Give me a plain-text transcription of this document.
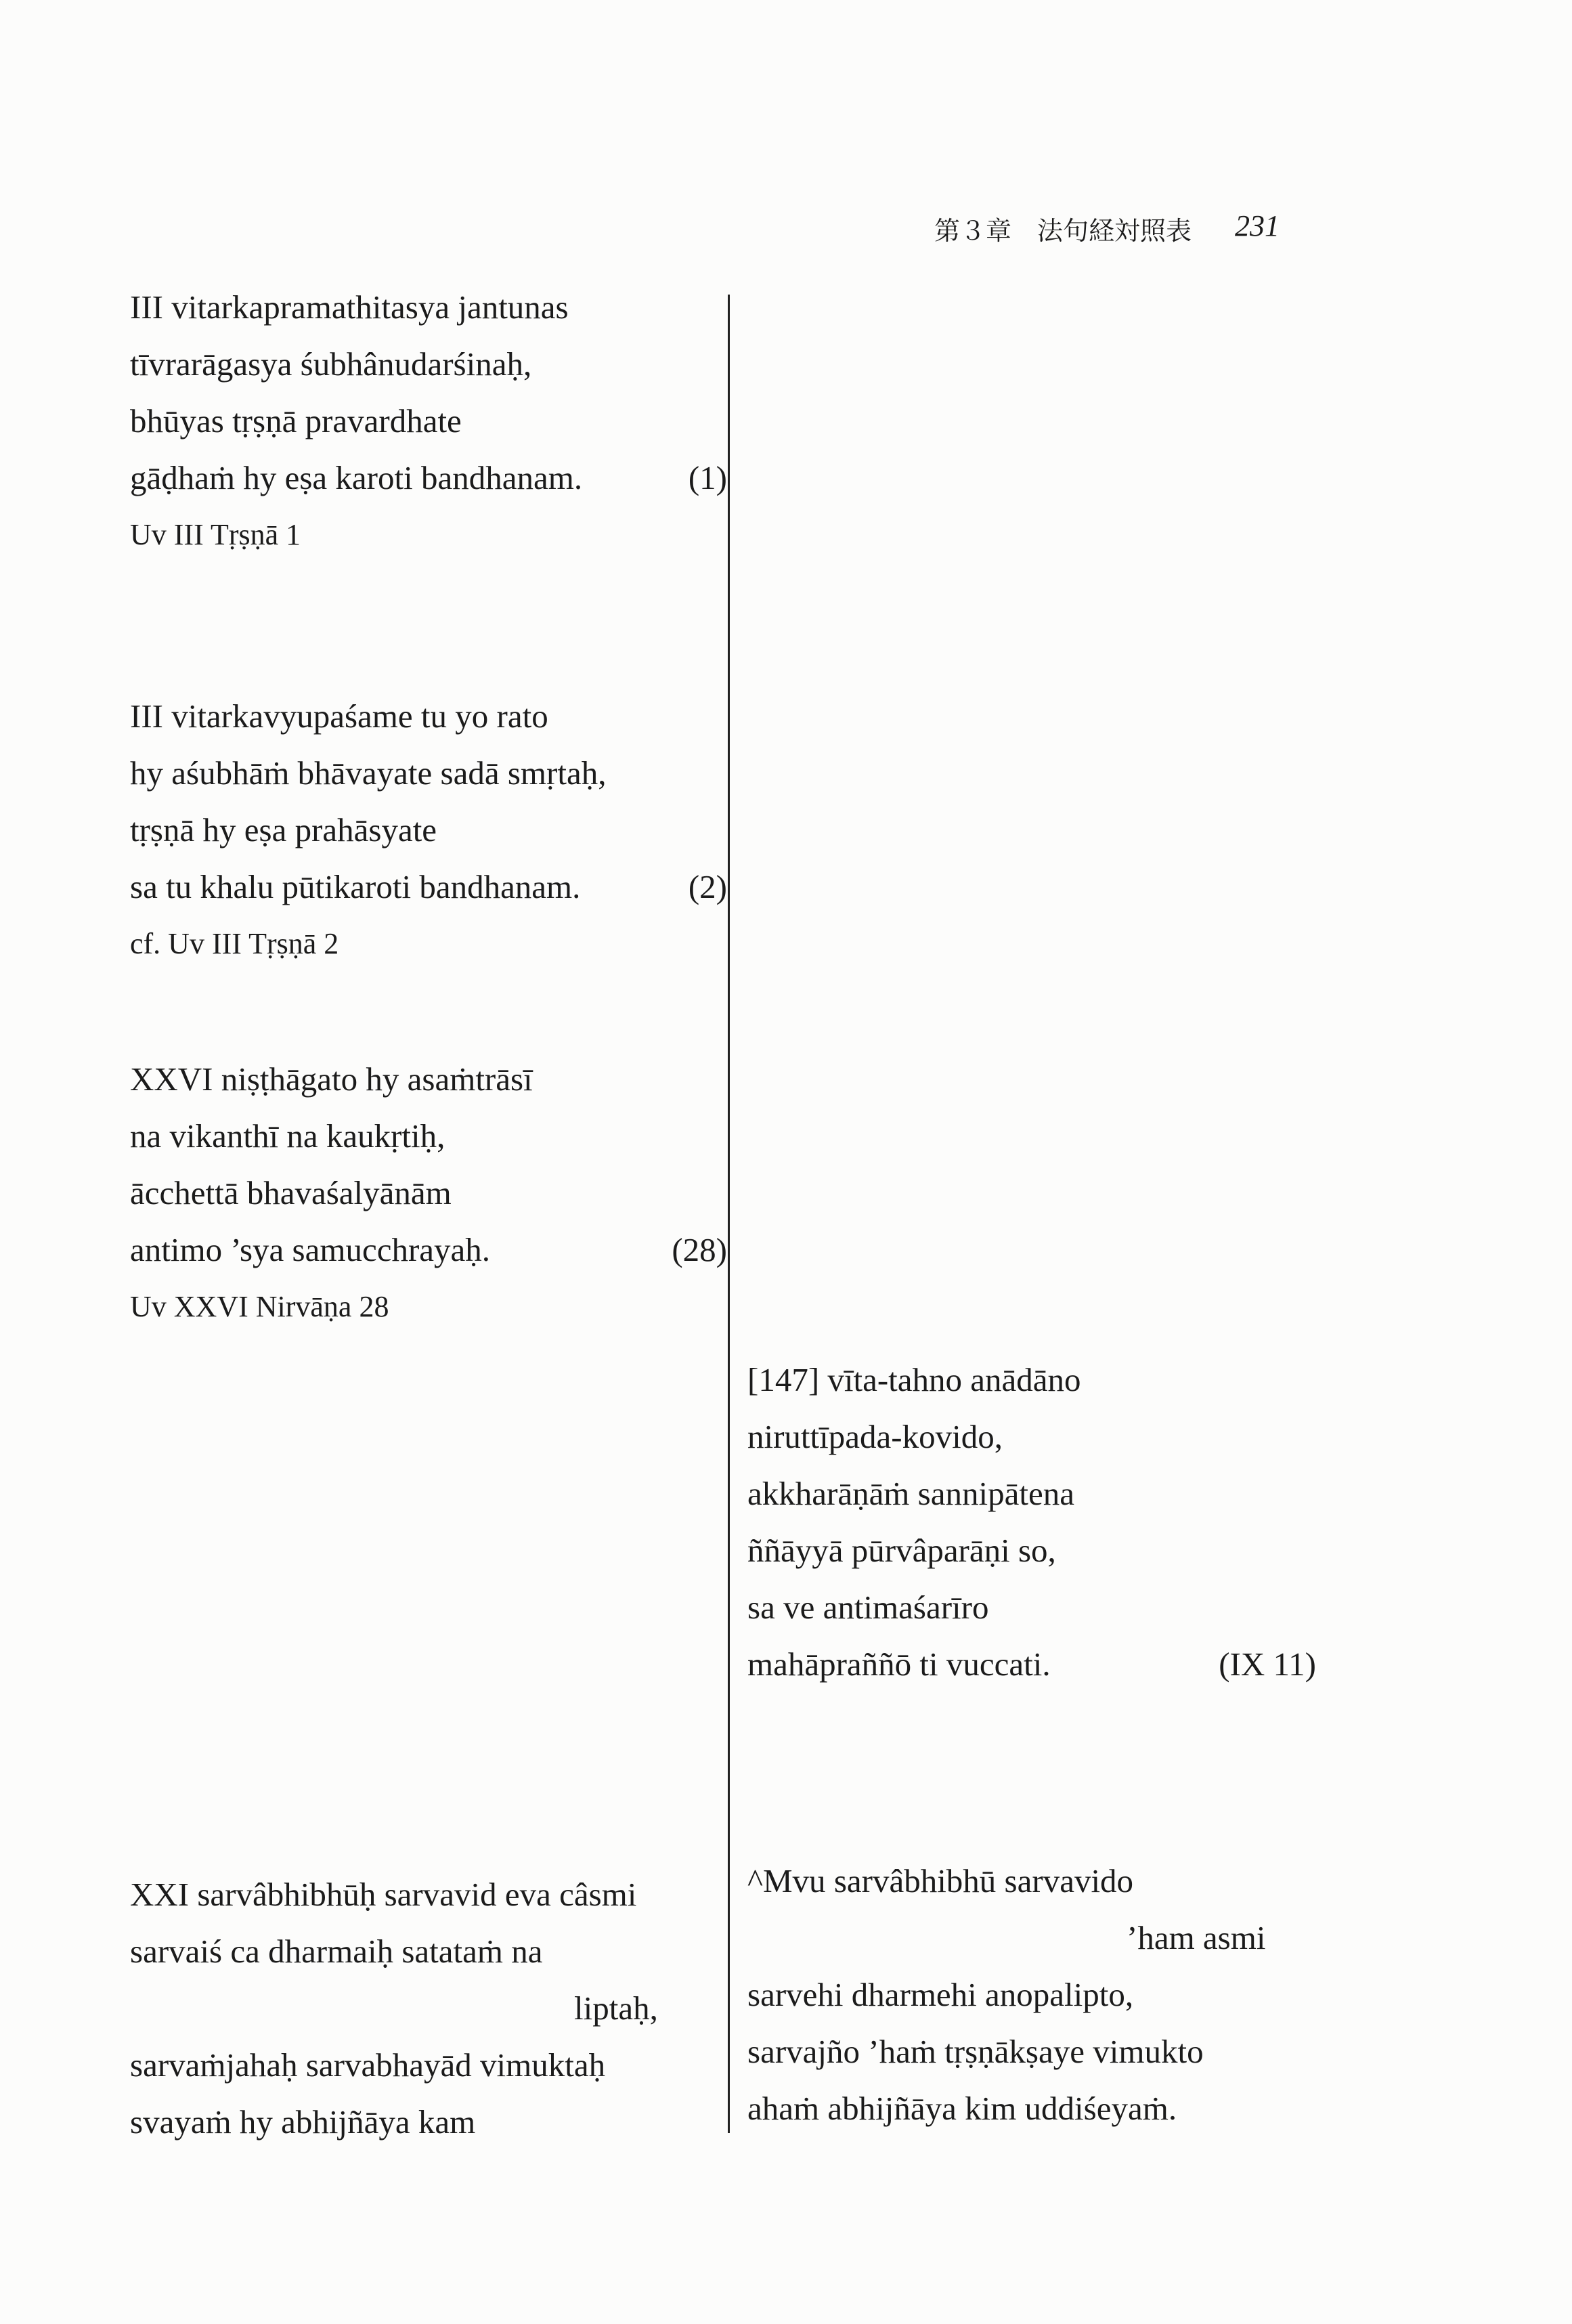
第３章　法句経対照表 231
III vitarkapramathitasya jantunas
tīvrarāgasya śubhânudarśinaḥ,
bhūyas tṛṣṇā pravardhate
gāḍhaṁ hy eṣa karoti bandhanam.	(1)
Uv III Tṛṣṇā 1
III vitarkavyupaśame tu yo rato
hy aśubhāṁ bhāvayate sadā smṛtaḥ,
tṛṣṇā hy eṣa prahāsyate
sa tu khalu pūtikaroti bandhanam.	(2)
cf. Uv III Tṛṣṇā 2
XXVI niṣṭhāgato hy asaṁtrāsī
na vikanthī na kaukṛtiḥ,
ācchettā bhavaśalyānām
antimo ’sya samucchrayaḥ.	(28)
Uv XXVI Nirvāṇa 28
XXI sarvâbhibhūḥ sarvavid eva câsmi
sarvaiś ca dharmaiḥ satataṁ na
liptaḥ,
sarvaṁjahaḥ sarvabhayād vimuktaḥ
svayaṁ hy abhijñāya kam
[147] vīta-tahno anādāno
niruttīpada-kovido,
akkharāṇāṁ sannipātena
ññāyyā pūrvâparāṇi so,
sa ve antimaśarīro
mahāpraññō ti vuccati.	(IX 11)
^Mvu sarvâbhibhū sarvavido
’ham asmi
sarvehi dharmehi anopalipto,
sarvajño ’haṁ tṛṣṇākṣaye vimukto
ahaṁ abhijñāya kim uddiśeyaṁ.
